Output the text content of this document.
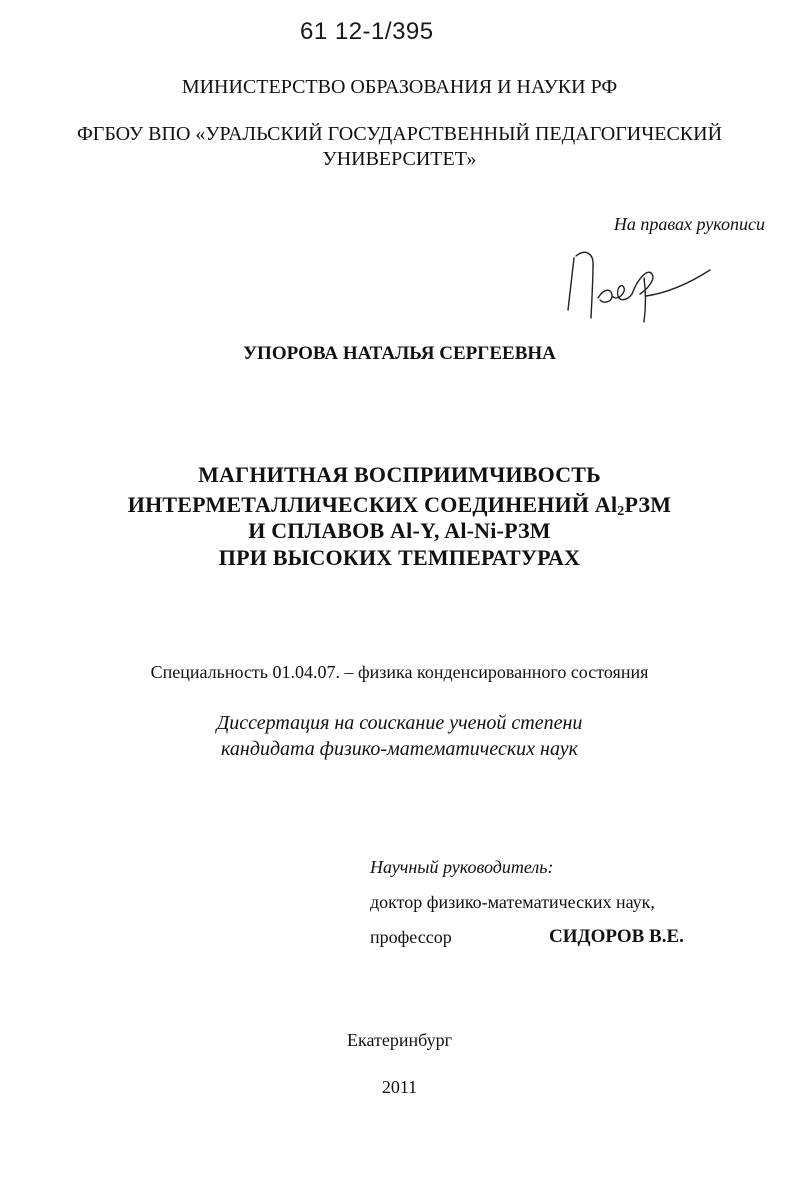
61 12-1/395
МИНИСТЕРСТВО ОБРАЗОВАНИЯ И НАУКИ РФ
ФГБОУ ВПО «УРАЛЬСКИЙ ГОСУДАРСТВЕННЫЙ ПЕДАГОГИЧЕСКИЙ
УНИВЕРСИТЕТ»
На правах рукописи
УПОРОВА НАТАЛЬЯ СЕРГЕЕВНА
МАГНИТНАЯ ВОСПРИИМЧИВОСТЬ
ИНТЕРМЕТАЛЛИЧЕСКИХ СОЕДИНЕНИЙ $Al_2РЗМ$
И СПЛАВОВ Al-Y, Al-Ni-РЗМ
ПРИ ВЫСОКИХ ТЕМПЕРАТУРАХ
Специальность 01.04.07. – физика конденсированного состояния
Диссертация на соискание ученой степени
кандидата физико-математических наук
Научный руководитель:
доктор физико-математических наук,
профессор	СИДОРОВ В.Е.
Екатеринбург
2011
